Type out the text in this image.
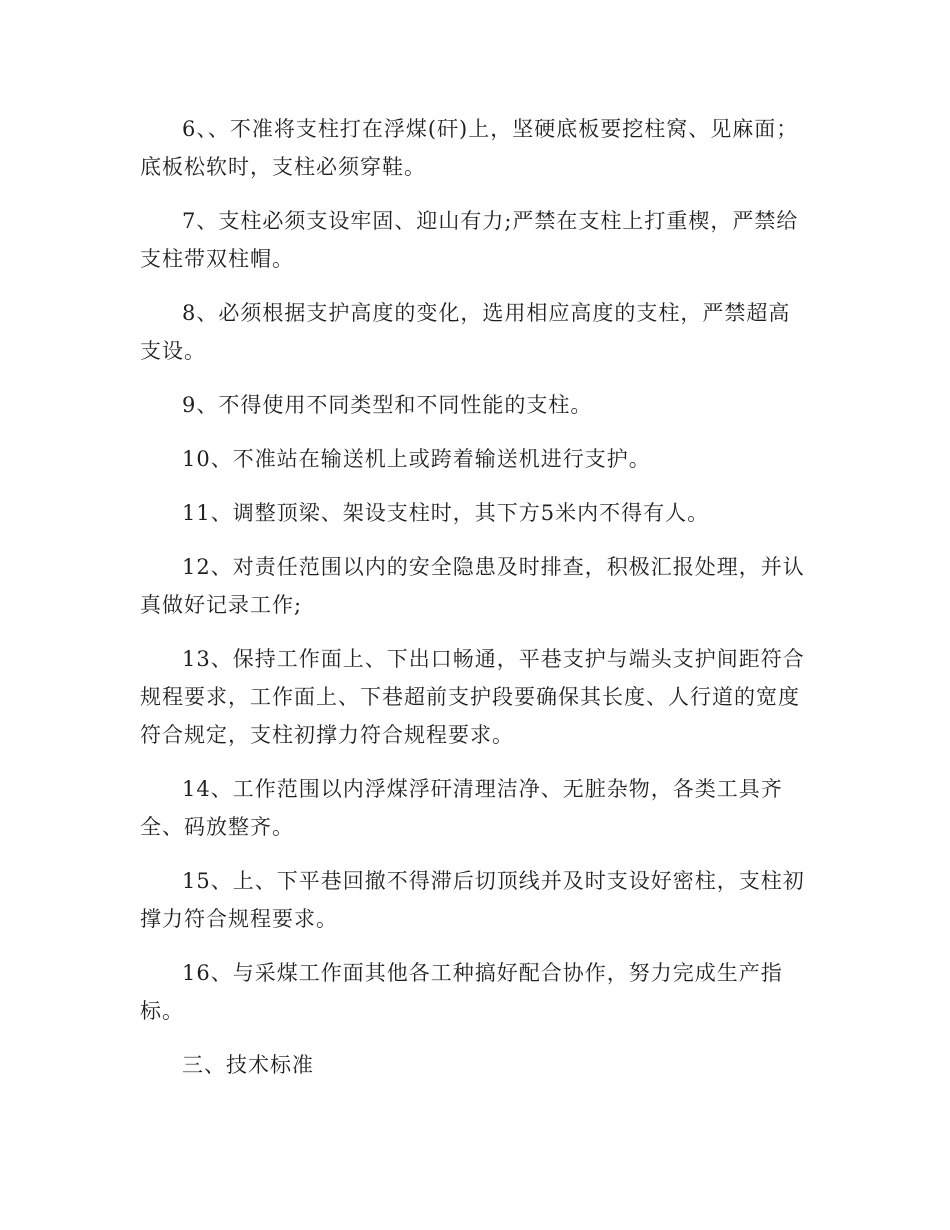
6、、不准将支柱打在浮煤(矸)上，坚硬底板要挖柱窝、见麻面；底板松软时，支柱必须穿鞋。

7、支柱必须支设牢固、迎山有力;严禁在支柱上打重楔，严禁给支柱带双柱帽。

8、必须根据支护高度的变化，选用相应高度的支柱，严禁超高支设。

9、不得使用不同类型和不同性能的支柱。

10、不准站在输送机上或跨着输送机进行支护。

11、调整顶梁、架设支柱时，其下方5米内不得有人。

12、对责任范围以内的安全隐患及时排查，积极汇报处理，并认真做好记录工作;

13、保持工作面上、下出口畅通，平巷支护与端头支护间距符合规程要求，工作面上、下巷超前支护段要确保其长度、人行道的宽度符合规定，支柱初撑力符合规程要求。

14、工作范围以内浮煤浮矸清理洁净、无脏杂物，各类工具齐全、码放整齐。

15、上、下平巷回撤不得滞后切顶线并及时支设好密柱，支柱初撑力符合规程要求。

16、与采煤工作面其他各工种搞好配合协作，努力完成生产指标。

三、技术标准
